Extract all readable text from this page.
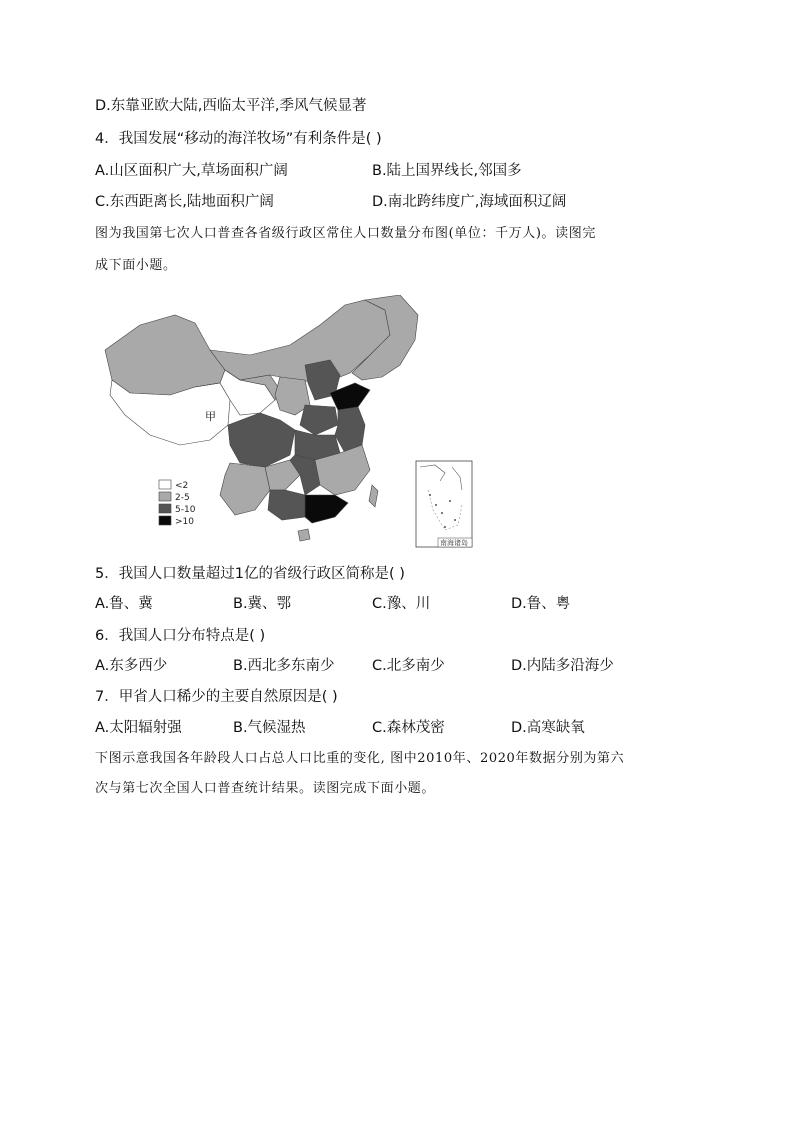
D.东靠亚欧大陆,西临太平洋,季风气候显著
4．我国发展“移动的海洋牧场”有利条件是( )
A.山区面积广大,草场面积广阔	B.陆上国界线长,邻国多
C.东西距离长,陆地面积广阔	D.南北跨纬度广,海域面积辽阔
图为我国第七次人口普查各省级行政区常住人口数量分布图(单位：千万人)。读图完
成下面小题。
甲
<2
2-5
5-10
>10
南海诸岛
5．我国人口数量超过1亿的省级行政区简称是( )
A.鲁、冀	B.冀、鄂	C.豫、川	D.鲁、粤
6．我国人口分布特点是( )
A.东多西少	B.西北多东南少	C.北多南少	D.内陆多沿海少
7．甲省人口稀少的主要自然原因是( )
A.太阳辐射强	B.气候湿热	C.森林茂密	D.高寒缺氧
下图示意我国各年龄段人口占总人口比重的变化, 图中2010年、2020年数据分别为第六
次与第七次全国人口普查统计结果。读图完成下面小题。
